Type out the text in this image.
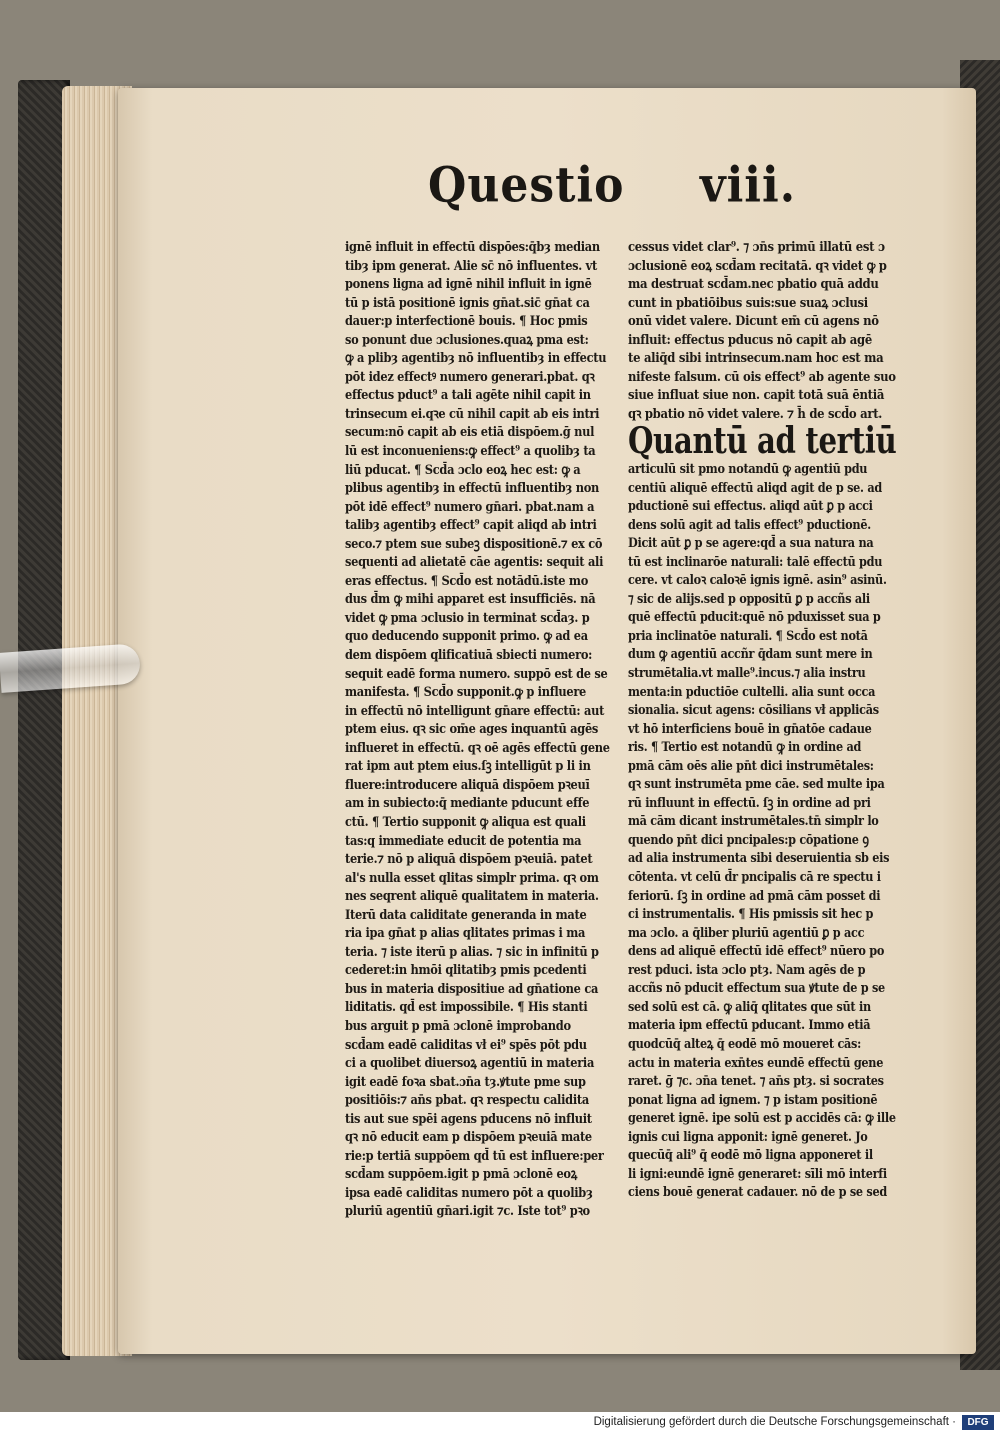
Questio viii.
ignē influit in effectū dispōes:q̄bȝ median
tibȝ ipm generat. Alie sc̄ nō influentes. vt
ponens ligna ad ignē nihil influit in ignē
tū p istā positionē ignis gn̄at.sic̄ gn̄at ca
dauer:p interfectionē bouis. ¶ Hoc pmis
so ponunt due ɔclusiones.quaꝝ pma est:
ꝙ a plibȝ agentibȝ nō influentibȝ in effectu
pōt idez effectꝰ numero generari.pbat. qꝛ
effectus pduct⁹ a tali agēte nihil capit in
trinsecum ei.qꝛe cū nihil capit ab eis intri
secum:nō capit ab eis etiā dispōem.ḡ nul
lū est inconueniens:ꝙ effect⁹ a quolibȝ ta
liū pducat. ¶ Scd̄a ɔclo eoꝝ hec est: ꝙ a
plibus agentibȝ in effectū influentibȝ non
pōt idē effect⁹ numero gn̄ari. pbat.nam a
talibȝ agentibȝ effect⁹ capit aliqd ab intri
seco.⁊ ptem sue subeꝫ dispositionē.⁊ ex cō
sequenti ad alietatē cāe agentis: sequit ali
eras effectus. ¶ Scd̄o est notādū.iste mo
dus d̄m ꝙ mihi apparet est insufficiēs. nā
videt ꝙ pma ɔclusio in terminat scd̄aȝ. p
quo deducendo supponit primo. ꝙ ad ea
dem dispōem qlificatiuā sbiecti numero:
sequit eadē forma numero. suppō est de se
manifesta. ¶ Scd̄o supponit.ꝙ p influere
in effectū nō intelligunt gn̄are effectū: aut
ptem eius. qꝛ sic om̄e ages inquantū agēs
influeret in effectū. qꝛ oē agēs effectū gene
rat ipm aut ptem eius.ſꝫ intelligūt p li in
fluere:introducere aliquā dispōem pꝛeuī
am in subiecto:q̄ mediante pducunt effe
ctū. ¶ Tertio supponit ꝙ aliqua est quali
tas:q immediate educit de potentia ma
terie.⁊ nō p aliquā dispōem pꝛeuiā. patet
al's nulla esset qlitas simplr prima. qꝛ om
nes seqrent aliquē qualitatem in materia.
Iterū data caliditate generanda in mate
ria ipa gn̄at p alias qlitates primas i ma
teria. ⁊ iste iterū p alias. ⁊ sic in infinitū p
cederet:in hmōi qlitatibȝ pmis pcedenti
bus in materia dispositiue ad gn̄atione ca
liditatis. qd̄ est impossibile. ¶ His stanti
bus arguit p pmā ɔclonē improbando
scd̄am eadē caliditas vł ei⁹ spēs pōt pdu
ci a quolibet diuersoꝝ agentiū in materia
igit eadē foꝛa sbat.ɔn̄a tȝ.ꝟtute pme sup
positiōis:⁊ an̄s pbat. qꝛ respectu calidita
tis aut sue spēi agens pducens nō influit
qꝛ nō educit eam p dispōem pꝛeuiā mate
rie:p tertiā suppōem qd̄ tū est influere:per
scd̄am suppōem.igit p pmā ɔclonē eoꝝ
ipsa eadē caliditas numero pōt a quolibȝ
pluriū agentiū gn̄ari.igit ⁊c. Iste tot⁹ pꝛo
cessus videt clar⁹. ⁊ ɔn̄s primū illatū est ɔ
ɔclusionē eoꝝ scd̄am recitatā. qꝛ videt ꝙ p
ma destruat scd̄am.nec pbatio quā addu
cunt in pbatiōibus suis:sue suaꝝ ɔclusi
onū videt valere. Dicunt em̄ cū agens nō
influit: effectus pducus nō capit ab agē
te aliq̄d sibi intrinsecum.nam hoc est ma
nifeste falsum. cū ois effect⁹ ab agente suo
siue influat siue non. capit totā suā ēntiā
qꝛ pbatio nō videt valere. ⁊ h̄ de scd̄o art.
Quantū ad tertiū
articulū sit pmo notandū ꝙ agentiū pdu
centiū aliquē effectū aliqd agit de p se. ad
pductionē sui effectus. aliqd aūt ꝑ p acci
dens solū agit ad talis effect⁹ pductionē.
Dicit aūt ꝑ p se agere:qd̄ a sua natura na
tū est inclinarōe naturali: talē effectū pdu
cere. vt caloꝛ caloꝛē ignis ignē. asin⁹ asinū.
⁊ sic de alijs.sed p oppositū ꝑ p accñs ali
quē effectū pducit:quē nō pduxisset sua p
pria inclinatōe naturali. ¶ Scd̄o est notā
dum ꝙ agentiū accñr q̄dam sunt mere in
strumētalia.vt malle⁹.incus.⁊ alia instru
menta:in pductiōe cultelli. alia sunt occa
sionalia. sicut agens: cōsilians vł applicās
vt hō interficiens bouē in gn̄atōe cadaue
ris. ¶ Tertio est notandū ꝙ in ordine ad
pmā cām oēs alie pn̄t dici instrumētales:
qꝛ sunt instrumēta pme cāe. sed multe ipa
rū influunt in effectū. ſꝫ in ordine ad pri
mā cām dicant instrumētales.tn̄ simplr lo
quendo pn̄t dici pncipales:p cōpatione ꝯ
ad alia instrumenta sibi deseruientia sb eis
cōtenta. vt celū d̄r pncipalis cā re spectu i
feriorū. ſꝫ in ordine ad pmā cām posset di
ci instrumentalis. ¶ His pmissis sit hec p
ma ɔclo. a q̄liber pluriū agentiū ꝑ p acc
dens ad aliquē effectū idē effect⁹ nūero po
rest pduci. ista ɔclo ptȝ. Nam agēs de p
accñs nō pducit effectum sua ꝟtute de p se
sed solū est cā. ꝙ aliq̄ qlitates que sūt in
materia ipm effectū pducant. Immo etiā
quodcūq̄ alteꝝ q̄ eodē mō moueret cās:
actu in materia exn̄tes eundē effectū gene
raret. ḡ ⁊c. ɔn̄a tenet. ⁊ an̄s ptȝ. si socrates
ponat ligna ad ignem. ⁊ p istam positionē
generet ignē. ipe solū est p accidēs cā: ꝙ ille
ignis cui ligna apponit: ignē generet. Jo
quecūq̄ ali⁹ q̄ eodē mō ligna apponeret il
li igni:eundē ignē generaret: sīli mō interfi
ciens bouē generat cadauer. nō de p se sed
Digitalisierung gefördert durch die Deutsche Forschungsgemeinschaft ·	DFG
